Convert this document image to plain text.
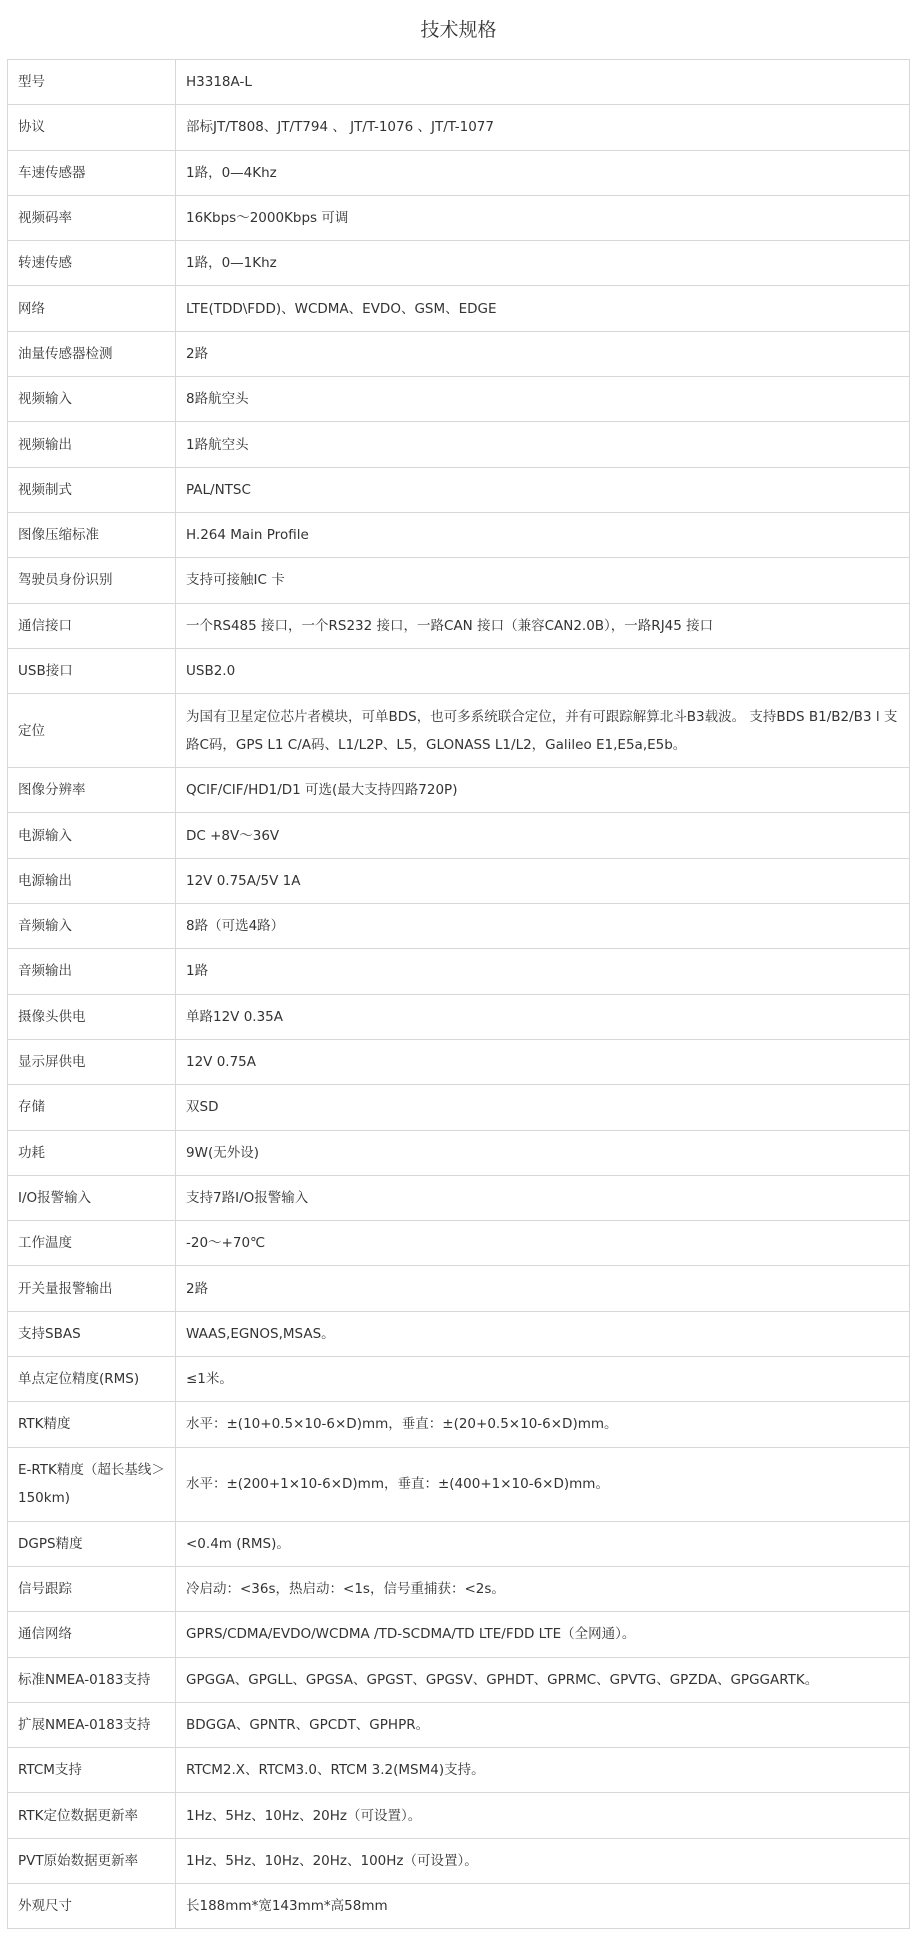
技术规格
型号	H3318A-L
协议	部标JT/T808、JT/T794 、 JT/T-1076 、JT/T-1077
车速传感器	1路，0—4Khz
视频码率	16Kbps～2000Kbps 可调
转速传感	1路，0—1Khz
网络	LTE(TDD\FDD)、WCDMA、EVDO、GSM、EDGE
油量传感器检测	2路
视频输入	8路航空头
视频输出	1路航空头
视频制式	PAL/NTSC
图像压缩标准	H.264 Main Profile
驾驶员身份识别	支持可接触IC 卡
通信接口	一个RS485 接口，一个RS232 接口，一路CAN 接口（兼容CAN2.0B），一路RJ45 接口
USB接口	USB2.0
定位	为国有卫星定位芯片者模块，可单BDS，也可多系统联合定位，并有可跟踪解算北斗B3载波。 支持BDS B1/B2/B3 l 支路C码，GPS L1 C/A码、L1/L2P、L5，GLONASS L1/L2，Galileo E1,E5a,E5b。
图像分辨率	QCIF/CIF/HD1/D1 可选(最大支持四路720P)
电源输入	DC +8V～36V
电源输出	12V 0.75A/5V 1A
音频输入	8路（可选4路）
音频输出	1路
摄像头供电	单路12V 0.35A
显示屏供电	12V 0.75A
存储	双SD
功耗	9W(无外设)
I/O报警输入	支持7路I/O报警输入
工作温度	-20～+70℃
开关量报警输出	2路
支持SBAS	WAAS,EGNOS,MSAS。
单点定位精度(RMS)	≤1米。
RTK精度	水平：±(10+0.5×10-6×D)mm，垂直：±(20+0.5×10-6×D)mm。
E-RTK精度（超长基线＞150km)	水平：±(200+1×10-6×D)mm，垂直：±(400+1×10-6×D)mm。
DGPS精度	<0.4m (RMS)。
信号跟踪	冷启动：<36s，热启动：<1s，信号重捕获：<2s。
通信网络	GPRS/CDMA/EVDO/WCDMA /TD-SCDMA/TD LTE/FDD LTE（全网通）。
标准NMEA-0183支持	GPGGA、GPGLL、GPGSA、GPGST、GPGSV、GPHDT、GPRMC、GPVTG、GPZDA、GPGGARTK。
扩展NMEA-0183支持	BDGGA、GPNTR、GPCDT、GPHPR。
RTCM支持	RTCM2.X、RTCM3.0、RTCM 3.2(MSM4)支持。
RTK定位数据更新率	1Hz、5Hz、10Hz、20Hz（可设置）。
PVT原始数据更新率	1Hz、5Hz、10Hz、20Hz、100Hz（可设置）。
外观尺寸	长188mm*宽143mm*高58mm
